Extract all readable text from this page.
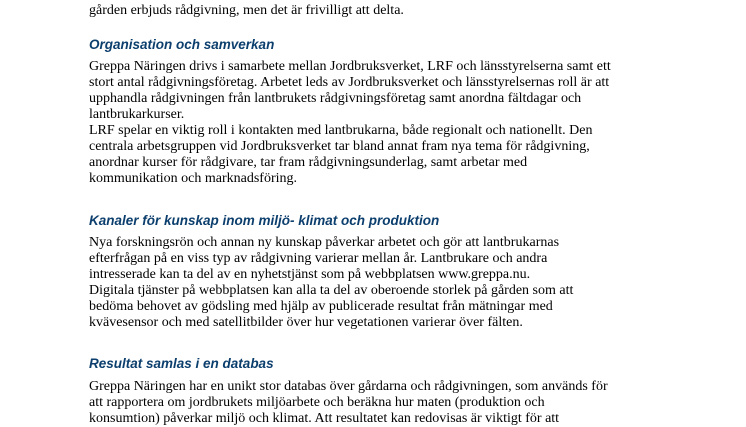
gården erbjuds rådgivning, men det är frivilligt att delta.
Organisation och samverkan
Greppa Näringen drivs i samarbete mellan Jordbruksverket, LRF och länsstyrelserna samt ett
stort antal rådgivningsföretag. Arbetet leds av Jordbruksverket och länsstyrelsernas roll är att
upphandla rådgivningen från lantbrukets rådgivningsföretag samt anordna fältdagar och
lantbrukarkurser.
LRF spelar en viktig roll i kontakten med lantbrukarna, både regionalt och nationellt. Den
centrala arbetsgruppen vid Jordbruksverket tar bland annat fram nya tema för rådgivning,
anordnar kurser för rådgivare, tar fram rådgivningsunderlag, samt arbetar med
kommunikation och marknadsföring.
Kanaler för kunskap inom miljö- klimat och produktion
Nya forskningsrön och annan ny kunskap påverkar arbetet och gör att lantbrukarnas
efterfrågan på en viss typ av rådgivning varierar mellan år. Lantbrukare och andra
intresserade kan ta del av en nyhetstjänst som på webbplatsen www.greppa.nu.
Digitala tjänster på webbplatsen kan alla ta del av oberoende storlek på gården som att
bedöma behovet av gödsling med hjälp av publicerade resultat från mätningar med
kvävesensor och med satellitbilder över hur vegetationen varierar över fälten.
Resultat samlas i en databas
Greppa Näringen har en unikt stor databas över gårdarna och rådgivningen, som används för
att rapportera om jordbrukets miljöarbete och beräkna hur maten (produktion och
konsumtion) påverkar miljö och klimat. Att resultatet kan redovisas är viktigt för att
